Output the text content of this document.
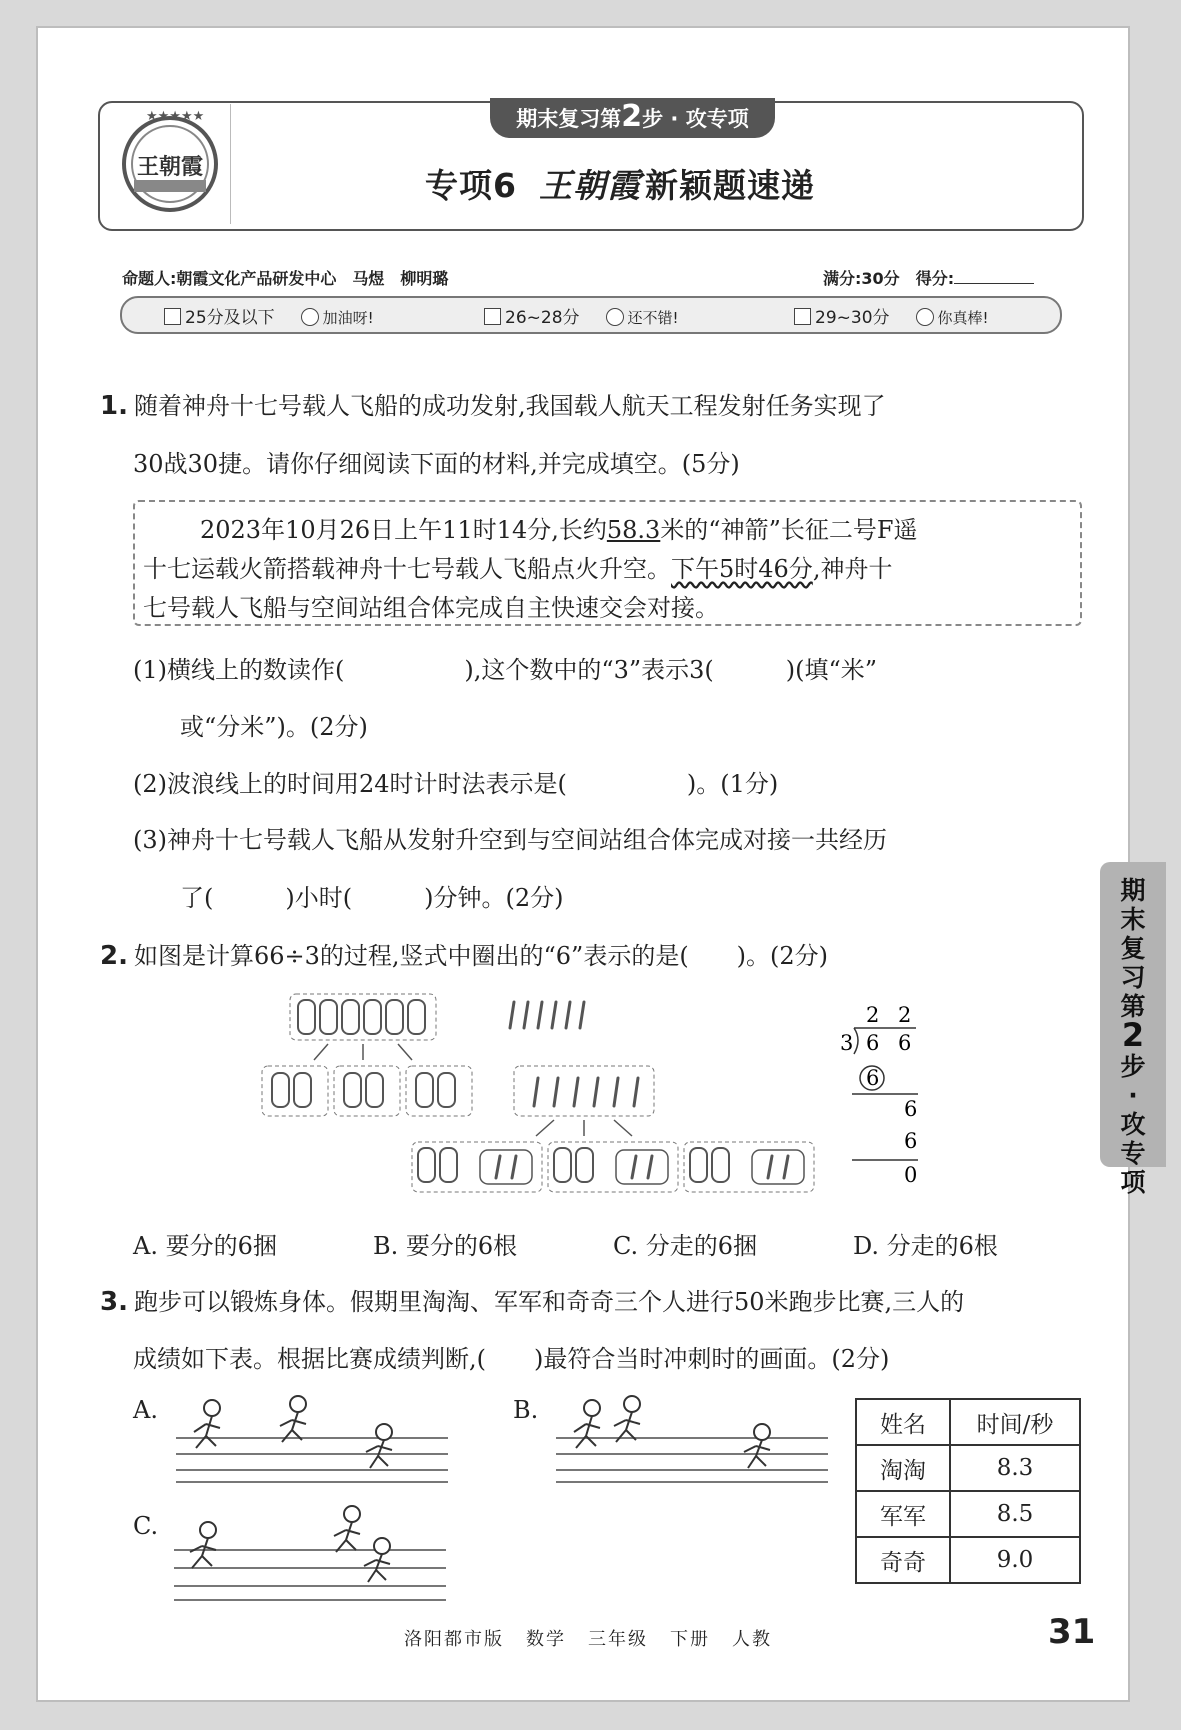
期末复习第2步 · 攻专项
★★★★★
王朝霞	专项6 王朝霞 新颖题速递
命题人:朝霞文化产品研发中心　马煜　柳明璐	满分:30分　 得分:
25分及以下	加油呀!	26~28分	还不错!	29~30分	你真棒!
1. 随着神舟十七号载人飞船的成功发射,我国载人航天工程发射任务实现了
30战30捷。请你仔细阅读下面的材料,并完成填空。(5分)
2023年10月26日上午11时14分,长约58.3米的“神箭”长征二号F遥
十七运载火箭搭载神舟十七号载人飞船点火升空。下午5时46分,神舟十
七号载人飞船与空间站组合体完成自主快速交会对接。
(1)横线上的数读作(　　　　　),这个数中的“3”表示3(　　　)(填“米”
或“分米”)。(2分)
(2)波浪线上的时间用24时计时法表示是(　　　　　)。(1分)
(3)神舟十七号载人飞船从发射升空到与空间站组合体完成对接一共经历
了(　　　)小时(　　　)分钟。(2分)
2. 如图是计算66÷3的过程,竖式中圈出的“6”表示的是(　　)。(2分)
2 2
3 6 6
6
6
6
0
A. 要分的6捆	B. 要分的6根	C. 分走的6捆	D. 分走的6根
3. 跑步可以锻炼身体。假期里淘淘、军军和奇奇三个人进行50米跑步比赛,三人的
成绩如下表。根据比赛成绩判断,(　　)最符合当时冲刺时的画面。(2分)
A.	B.
C.
姓名	时间/秒
淘淘	8.3
军军	8.5
奇奇	9.0
期末复习第
2
步·攻专项
洛阳都市版 数学 三年级 下册 人教	31
